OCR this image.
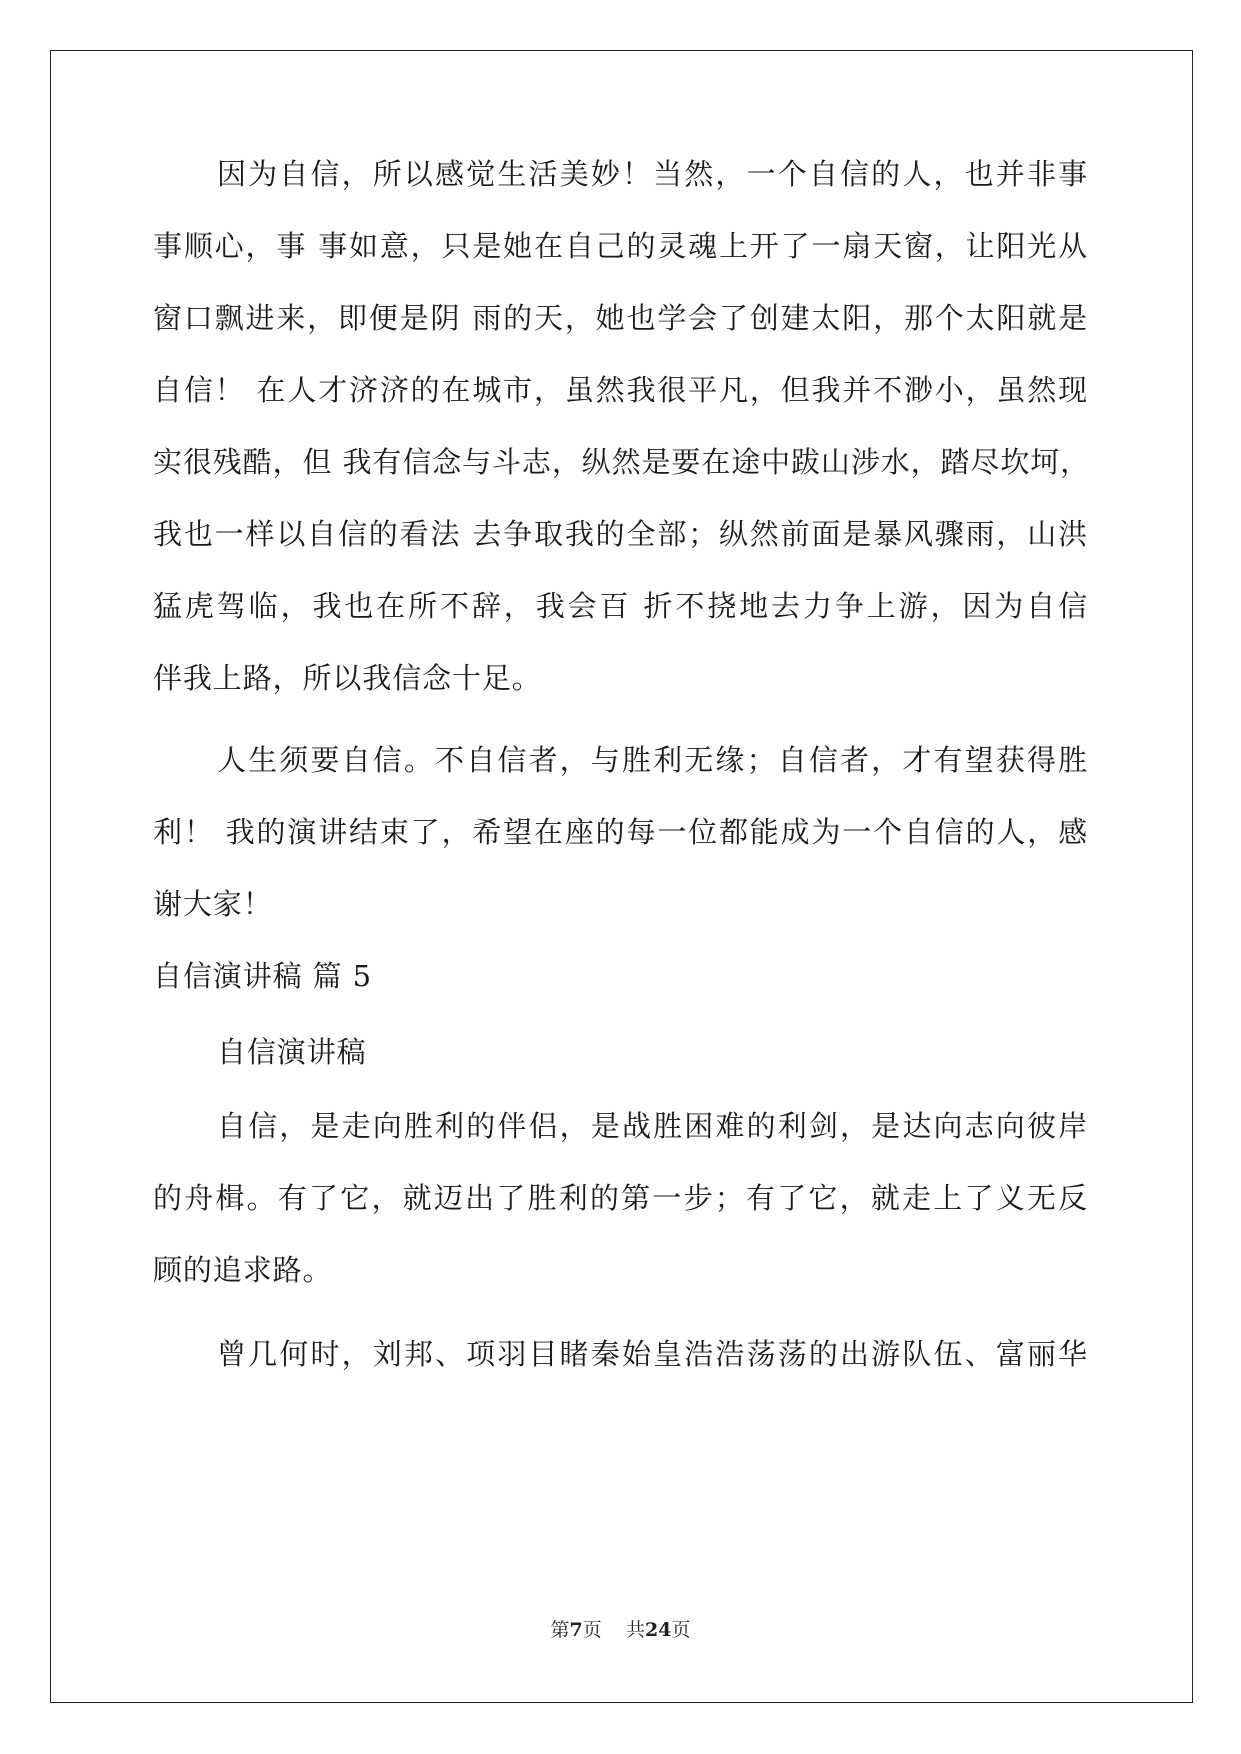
因为自信，所以感觉生活美妙！当然，一个自信的人，也并非事
事顺心，事 事如意，只是她在自己的灵魂上开了一扇天窗，让阳光从
窗口飘进来，即便是阴 雨的天，她也学会了创建太阳，那个太阳就是
自信！ 在人才济济的在城市，虽然我很平凡，但我并不渺小，虽然现
实很残酷，但 我有信念与斗志，纵然是要在途中跋山涉水，踏尽坎坷，
我也一样以自信的看法 去争取我的全部；纵然前面是暴风骤雨，山洪
猛虎驾临，我也在所不辞，我会百 折不挠地去力争上游，因为自信
伴我上路，所以我信念十足。
人生须要自信。不自信者，与胜利无缘；自信者，才有望获得胜
利！ 我的演讲结束了，希望在座的每一位都能成为一个自信的人，感
谢大家！
自信演讲稿 篇 5
自信演讲稿
自信，是走向胜利的伴侣，是战胜困难的利剑，是达向志向彼岸
的舟楫。有了它，就迈出了胜利的第一步；有了它，就走上了义无反
顾的追求路。
曾几何时，刘邦、项羽目睹秦始皇浩浩荡荡的出游队伍、富丽华
第7页 共24页
